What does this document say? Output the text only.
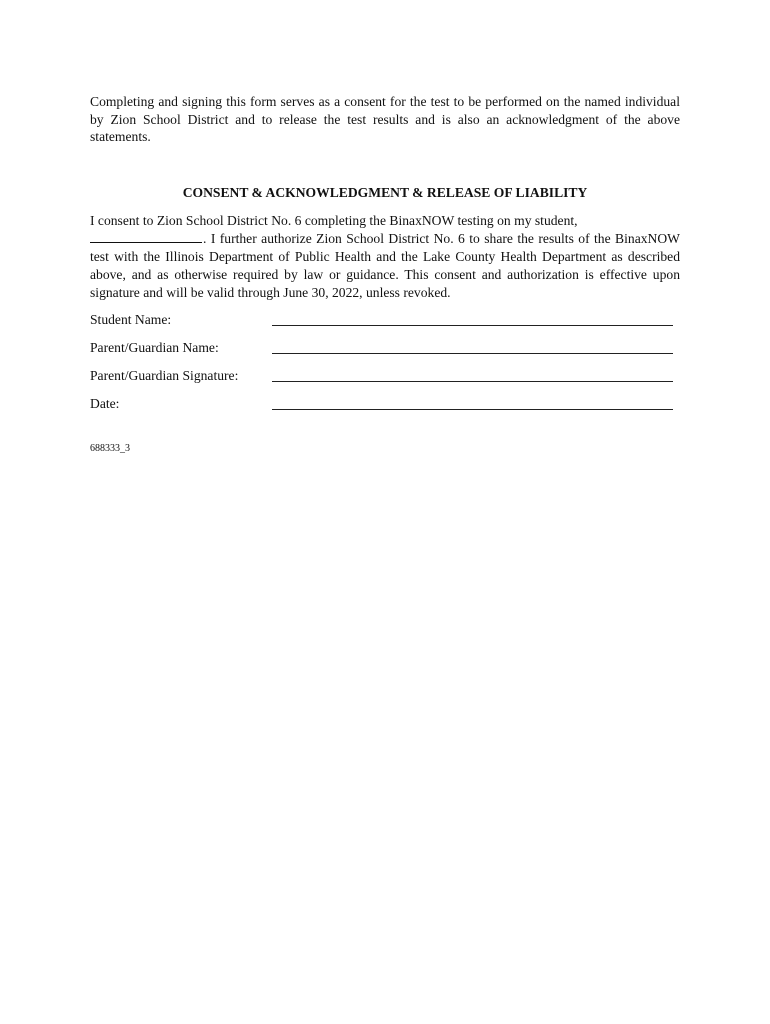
Completing and signing this form serves as a consent for the test to be performed on the named individual by Zion School District and to release the test results and is also an acknowledgment of the above statements.

CONSENT & ACKNOWLEDGMENT & RELEASE OF LIABILITY

I consent to Zion School District No. 6 completing the BinaxNOW testing on my student,
. I further authorize Zion School District No. 6 to share the results of the BinaxNOW test with the Illinois Department of Public Health and the Lake County Health Department as described above, and as otherwise required by law or guidance. This consent and authorization is effective upon signature and will be valid through June 30, 2022, unless revoked.

Student Name:
Parent/Guardian Name:
Parent/Guardian Signature:
Date:
688333_3
